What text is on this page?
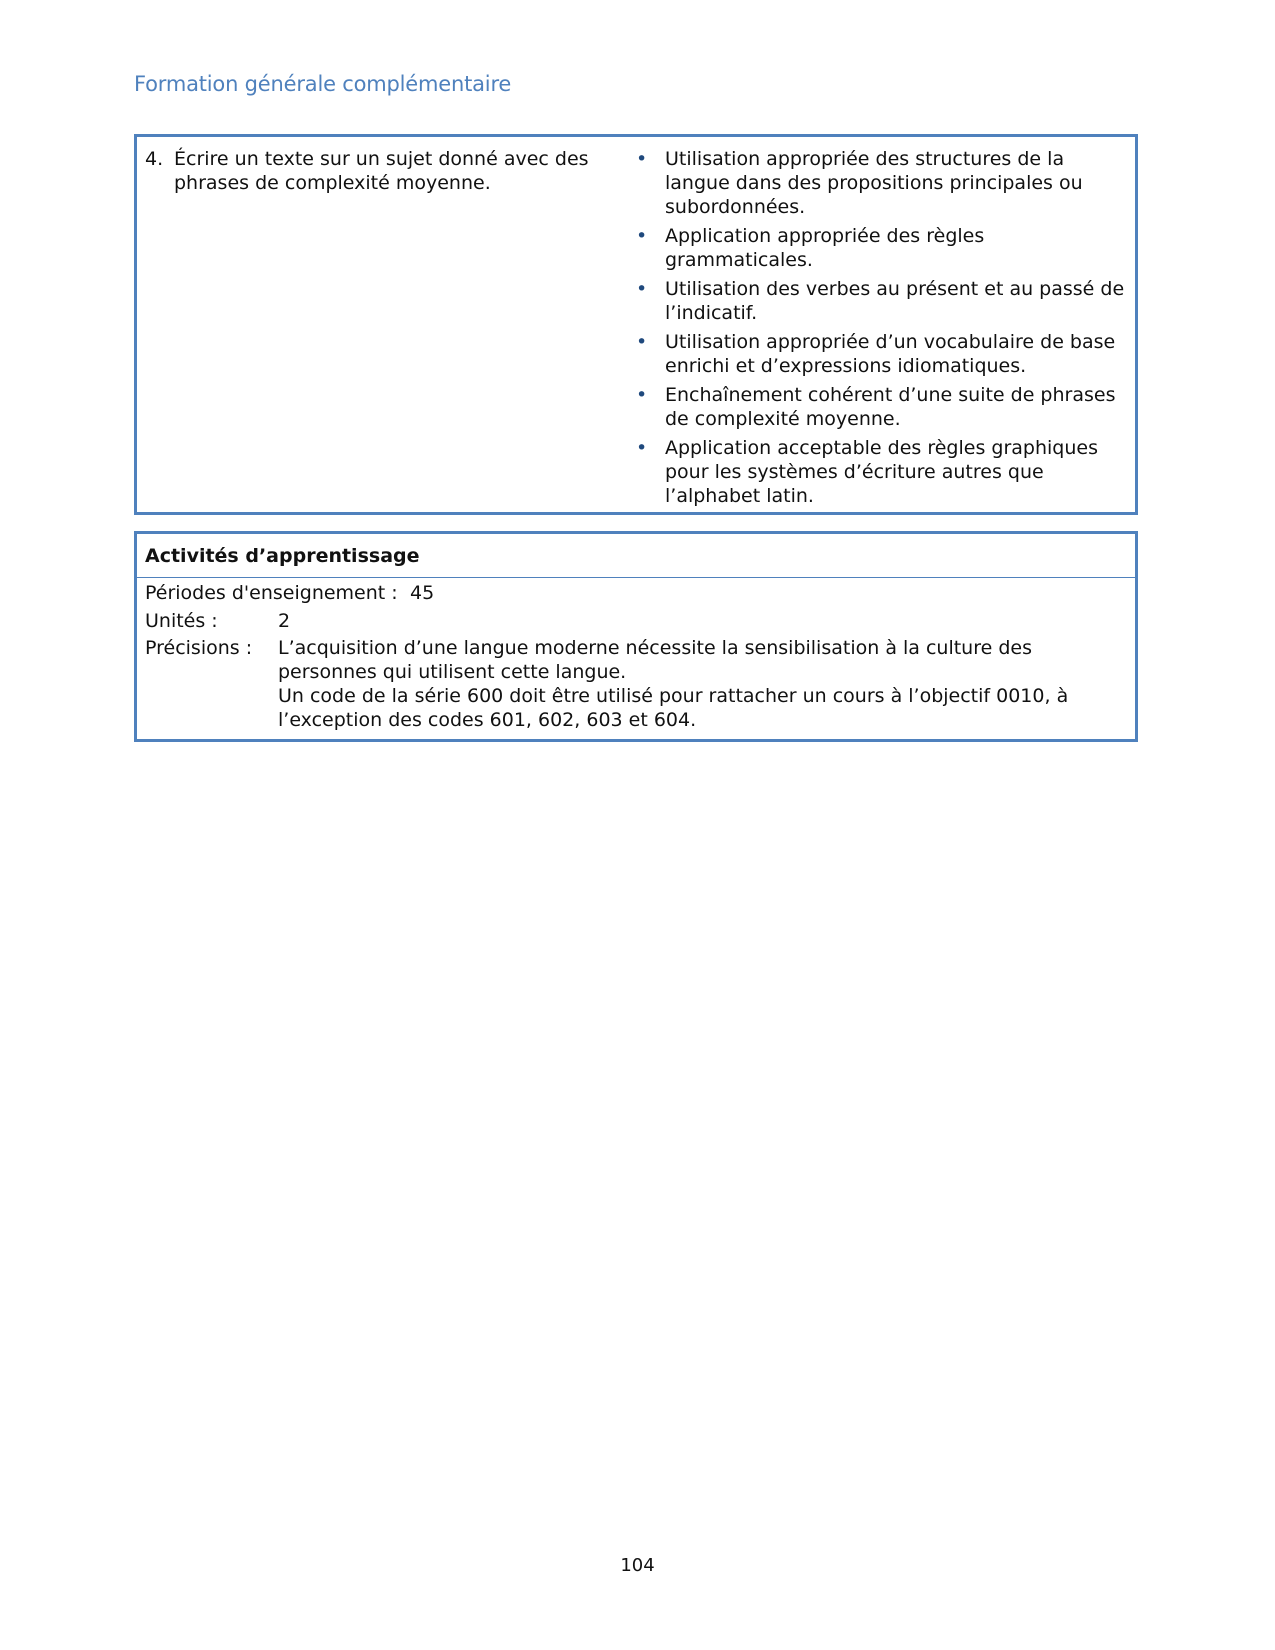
Formation générale complémentaire
4. Écrire un texte sur un sujet donné avec des phrases de complexité moyenne.
• Utilisation appropriée des structures de la langue dans des propositions principales ou subordonnées.
• Application appropriée des règles grammaticales.
• Utilisation des verbes au présent et au passé de l’indicatif.
• Utilisation appropriée d’un vocabulaire de base enrichi et d’expressions idiomatiques.
• Enchaînement cohérent d’une suite de phrases de complexité moyenne.
• Application acceptable des règles graphiques pour les systèmes d’écriture autres que l’alphabet latin.
Activités d’apprentissage
Périodes d'enseignement : 45
Unités :	2
Précisions : L’acquisition d’une langue moderne nécessite la sensibilisation à la culture des personnes qui utilisent cette langue.

Un code de la série 600 doit être utilisé pour rattacher un cours à l’objectif 0010, à l’exception des codes 601, 602, 603 et 604.

104
